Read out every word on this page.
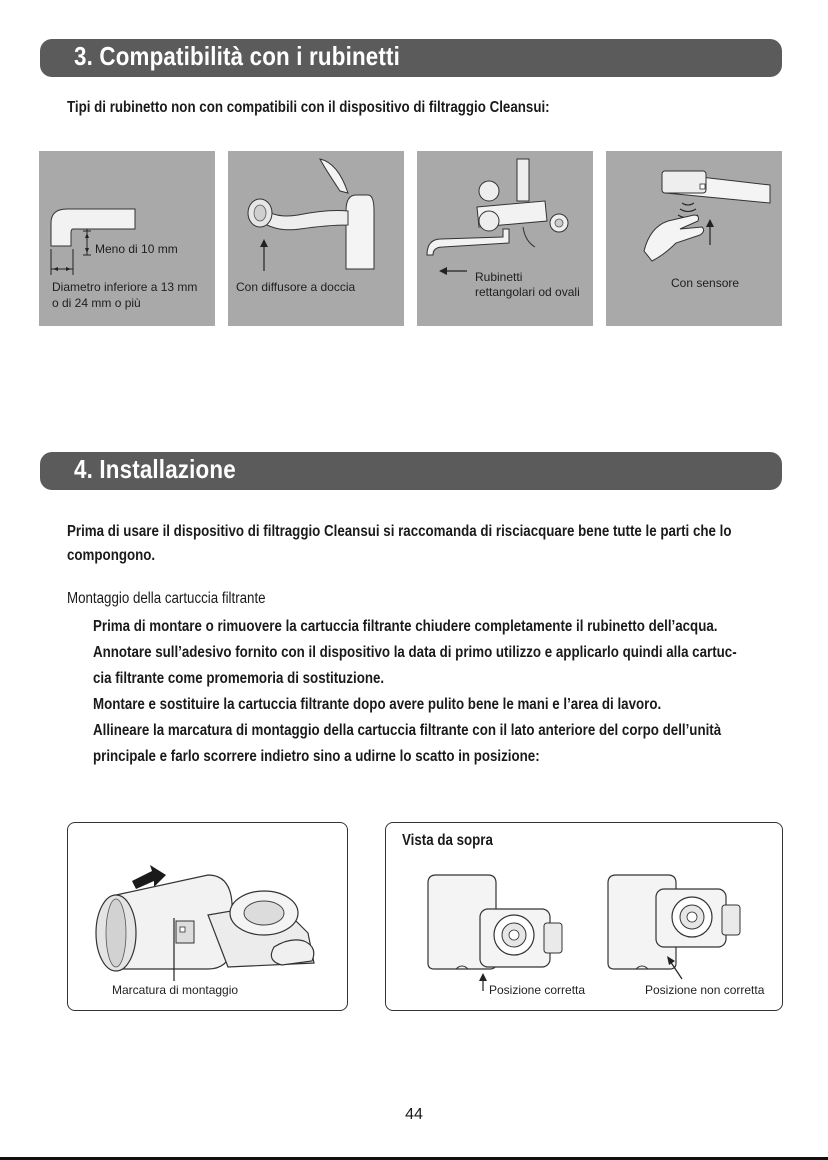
3. Compatibilità con i rubinetti
Tipi di rubinetto non con compatibili con il dispositivo di filtraggio Cleansui:
Meno di 10 mm
Diametro inferiore a 13 mm
o di 24 mm o più
Con diffusore a doccia
Rubinetti
rettangolari od ovali
Con sensore
4. Installazione
Prima di usare il dispositivo di filtraggio Cleansui si raccomanda di risciacquare bene tutte le parti che lo
compongono.
Montaggio della cartuccia filtrante
Prima di montare o rimuovere la cartuccia filtrante chiudere completamente il rubinetto dell’acqua.
Annotare sull’adesivo fornito con il dispositivo la data di primo utilizzo e applicarlo quindi alla cartuc-
cia filtrante come promemoria di sostituzione.
Montare e sostituire la cartuccia filtrante dopo avere pulito bene le mani e l’area di lavoro.
Allineare la marcatura di montaggio della cartuccia filtrante con il lato anteriore del corpo dell’unità
principale e farlo scorrere indietro sino a udirne lo scatto in posizione:
Marcatura di montaggio
Vista da sopra
Posizione corretta	Posizione non corretta
44
